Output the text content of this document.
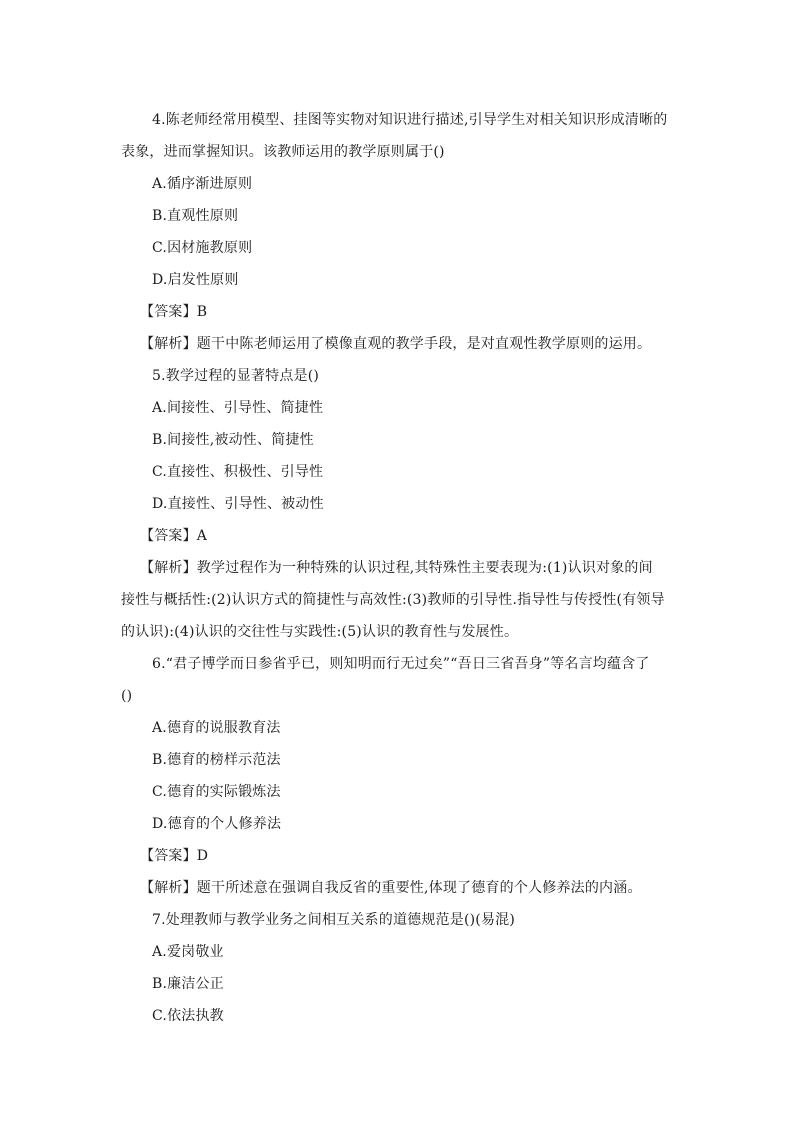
4.陈老师经常用模型、挂图等实物对知识进行描述,引导学生对相关知识形成清晰的
表象，进而掌握知识。该教师运用的教学原则属于()
A.循序渐进原则
B.直观性原则
C.因材施教原则
D.启发性原则
【答案】B
【解析】题干中陈老师运用了模像直观的教学手段，是对直观性教学原则的运用。
5.教学过程的显著特点是()
A.间接性、引导性、简捷性
B.间接性,被动性、简捷性
C.直接性、积极性、引导性
D.直接性、引导性、被动性
【答案】A
【解析】教学过程作为一种特殊的认识过程,其特殊性主要表现为:(1)认识对象的间
接性与概括性:(2)认识方式的简捷性与高效性:(3)教师的引导性.指导性与传授性(有领导
的认识):(4)认识的交往性与实践性:(5)认识的教育性与发展性。
6.“君子博学而日参省乎已，则知明而行无过矣”“吾日三省吾身”等名言均蕴含了
()
A.德育的说服教育法
B.德育的榜样示范法
C.德育的实际锻炼法
D.德育的个人修养法
【答案】D
【解析】题干所述意在强调自我反省的重要性,体现了德育的个人修养法的内涵。
7.处理教师与教学业务之间相互关系的道德规范是()(易混)
A.爱岗敬业
B.廉洁公正
C.依法执教
